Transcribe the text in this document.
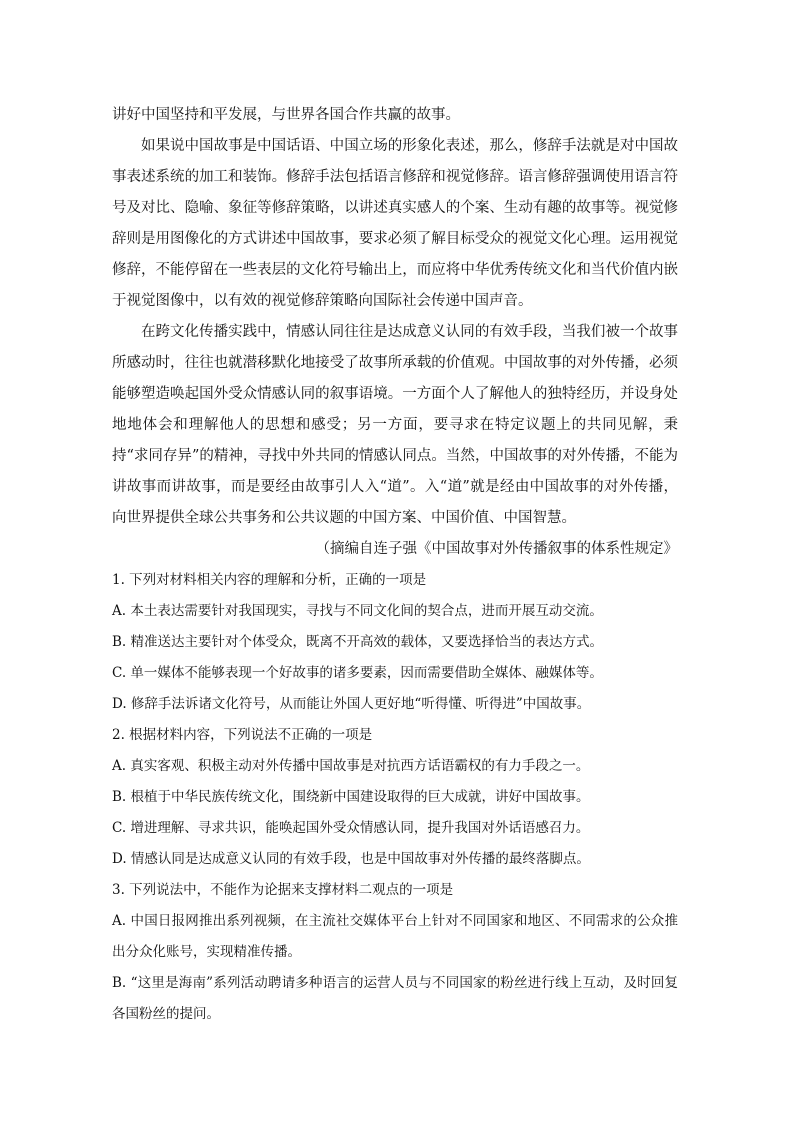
讲好中国坚持和平发展，与世界各国合作共赢的故事。

如果说中国故事是中国话语、中国立场的形象化表述，那么，修辞手法就是对中国故事表述系统的加工和装饰。修辞手法包括语言修辞和视觉修辞。语言修辞强调使用语言符号及对比、隐喻、象征等修辞策略，以讲述真实感人的个案、生动有趣的故事等。视觉修辞则是用图像化的方式讲述中国故事，要求必须了解目标受众的视觉文化心理。运用视觉修辞，不能停留在一些表层的文化符号输出上，而应将中华优秀传统文化和当代价值内嵌于视觉图像中，以有效的视觉修辞策略向国际社会传递中国声音。

在跨文化传播实践中，情感认同往往是达成意义认同的有效手段，当我们被一个故事所感动时，往往也就潜移默化地接受了故事所承载的价值观。中国故事的对外传播，必须能够塑造唤起国外受众情感认同的叙事语境。一方面个人了解他人的独特经历，并设身处地地体会和理解他人的思想和感受；另一方面，要寻求在特定议题上的共同见解，秉持“求同存异”的精神，寻找中外共同的情感认同点。当然，中国故事的对外传播，不能为讲故事而讲故事，而是要经由故事引人入“道”。入“道”就是经由中国故事的对外传播，向世界提供全球公共事务和公共议题的中国方案、中国价值、中国智慧。

（摘编自连子强《中国故事对外传播叙事的体系性规定》

1. 下列对材料相关内容的理解和分析，正确的一项是

A. 本土表达需要针对我国现实，寻找与不同文化间的契合点，进而开展互动交流。

B. 精准送达主要针对个体受众，既离不开高效的载体，又要选择恰当的表达方式。

C. 单一媒体不能够表现一个好故事的诸多要素，因而需要借助全媒体、融媒体等。

D. 修辞手法诉诸文化符号，从而能让外国人更好地“听得懂、听得进”中国故事。

2. 根据材料内容，下列说法不正确的一项是

A. 真实客观、积极主动对外传播中国故事是对抗西方话语霸权的有力手段之一。

B. 根植于中华民族传统文化，围绕新中国建设取得的巨大成就，讲好中国故事。

C. 增进理解、寻求共识，能唤起国外受众情感认同，提升我国对外话语感召力。

D. 情感认同是达成意义认同的有效手段，也是中国故事对外传播的最终落脚点。

3. 下列说法中，不能作为论据来支撑材料二观点的一项是

A. 中国日报网推出系列视频，在主流社交媒体平台上针对不同国家和地区、不同需求的公众推出分众化账号，实现精准传播。

B. “这里是海南”系列活动聘请多种语言的运营人员与不同国家的粉丝进行线上互动，及时回复各国粉丝的提问。
